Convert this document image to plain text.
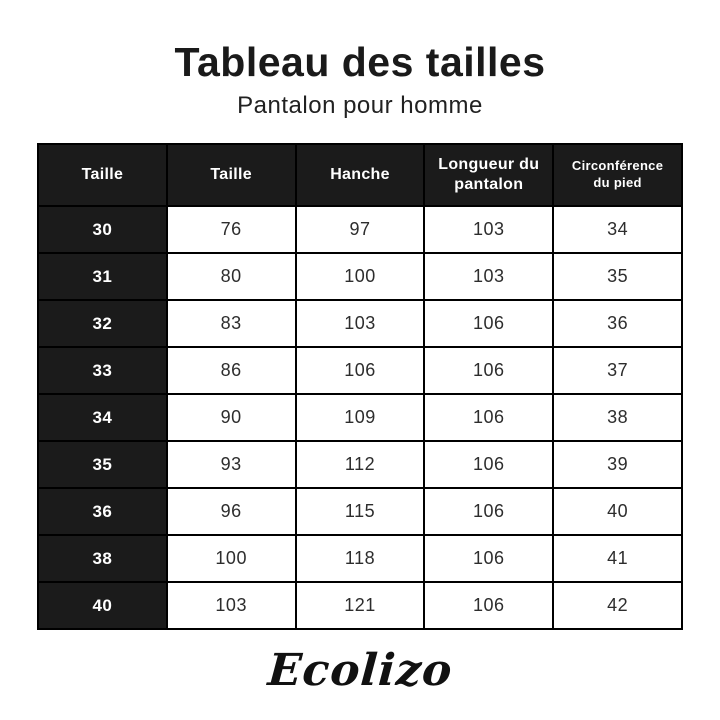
Tableau des tailles
Pantalon pour homme
Taille	Taille	Hanche	Longueur du pantalon	Circonférence du pied
30	76	97	103	34
31	80	100	103	35
32	83	103	106	36
33	86	106	106	37
34	90	109	106	38
35	93	112	106	39
36	96	115	106	40
38	100	118	106	41
40	103	121	106	42
Ecolizo
